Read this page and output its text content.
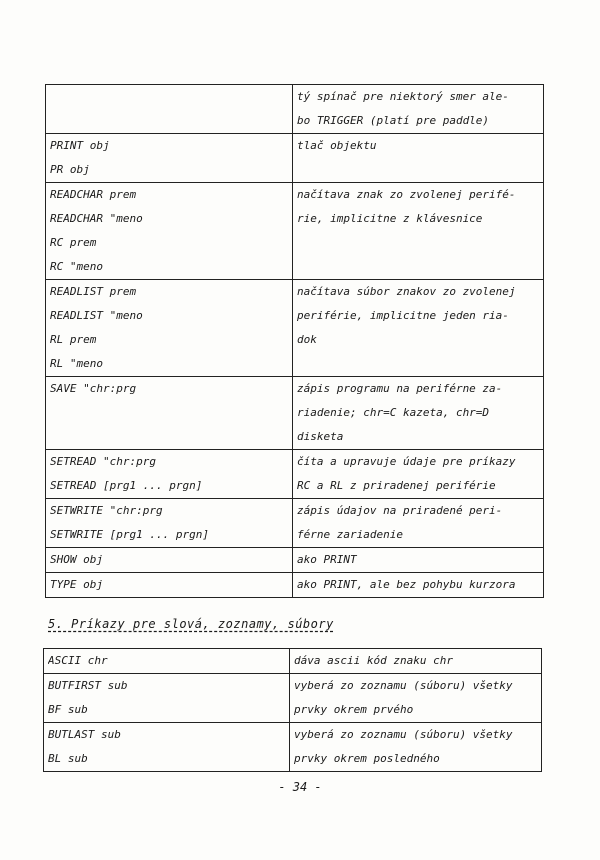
	tý spínač pre niektorý smer ale-
bo TRIGGER (platí pre paddle)

PRINT obj
PR obj	tlač objektu

READCHAR prem
READCHAR "meno
RC prem
RC "meno	načítava znak zo zvolenej perifé-
rie, implicitne z klávesnice

READLIST prem
READLIST "meno
RL prem
RL "meno	načítava súbor znakov zo zvolenej
periférie, implicitne jeden ria-
dok

SAVE "chr:prg	zápis programu na periférne za-
riadenie; chr=C kazeta, chr=D
disketa

SETREAD "chr:prg
SETREAD [prg1 ... prgn]	číta a upravuje údaje pre príkazy
RC a RL z priradenej periférie

SETWRITE "chr:prg
SETWRITE [prg1 ... prgn]	zápis údajov na priradené peri-
férne zariadenie

SHOW obj	ako PRINT

TYPE obj	ako PRINT, ale bez pohybu kurzora
5. Príkazy pre slová, zoznamy, súbory
ASCII chr	dáva ascii kód znaku chr

BUTFIRST sub
BF sub	vyberá zo zoznamu (súboru) všetky
prvky okrem prvého

BUTLAST sub
BL sub	vyberá zo zoznamu (súboru) všetky
prvky okrem posledného
- 34 -
